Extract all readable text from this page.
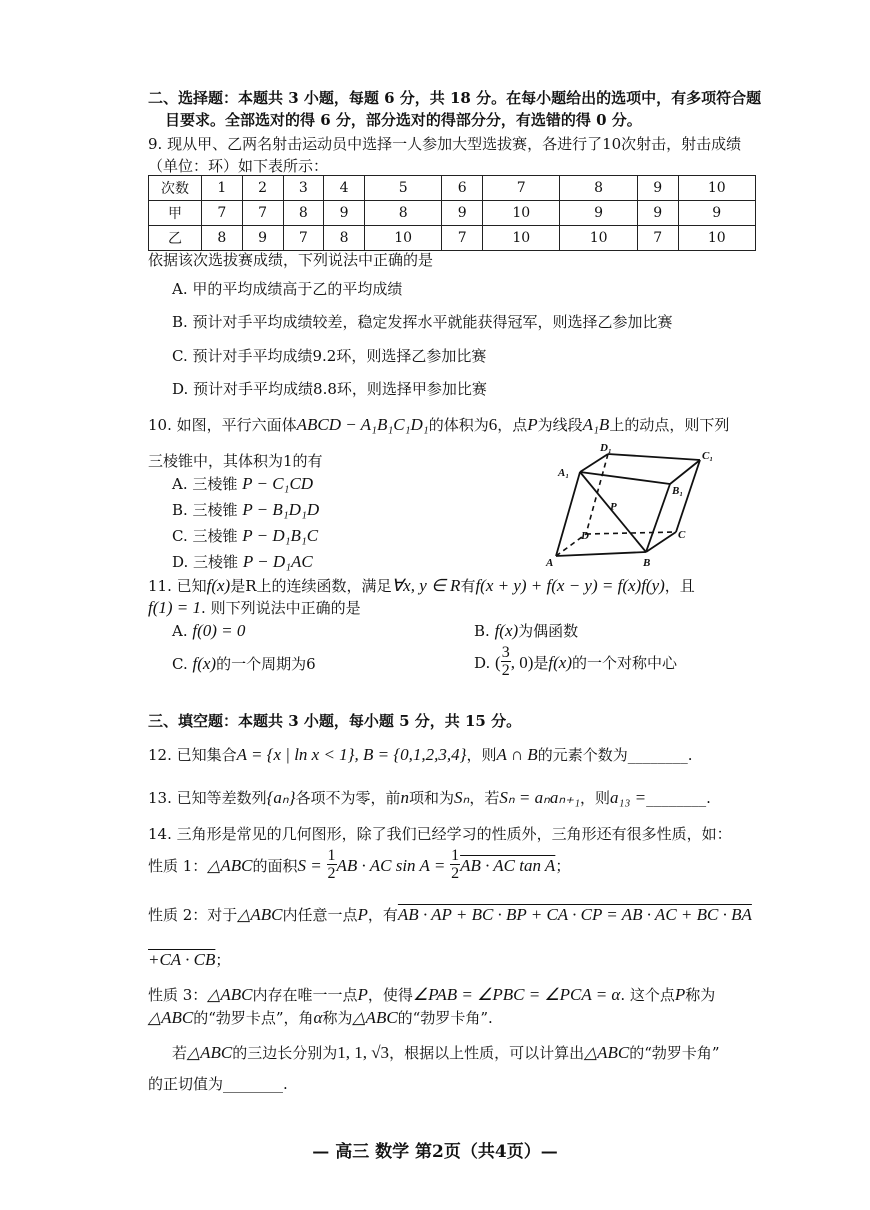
二、选择题：本题共 3 小题，每题 6 分，共 18 分。在每小题给出的选项中，有多项符合题
目要求。全部选对的得 6 分，部分选对的得部分分，有选错的得 0 分。
9. 现从甲、乙两名射击运动员中选择一人参加大型选拔赛，各进行了10次射击，射击成绩
（单位：环）如下表所示：
次数	1	2	3	4	5	6	7	8	9	10
甲	7	7	8	9	8	9	10	9	9	9
乙	8	9	7	8	10	7	10	10	7	10
依据该次选拔赛成绩，下列说法中正确的是
A. 甲的平均成绩高于乙的平均成绩
B. 预计对手平均成绩较差，稳定发挥水平就能获得冠军，则选择乙参加比赛
C. 预计对手平均成绩9.2环，则选择乙参加比赛
D. 预计对手平均成绩8.8环，则选择甲参加比赛
10. 如图，平行六面体ABCD − A₁B₁C₁D₁的体积为6，点P为线段A₁B上的动点，则下列
三棱锥中，其体积为1的有
A. 三棱锥 P − C₁CD
B. 三棱锥 P − B₁D₁D
C. 三棱锥 P − D₁B₁C
D. 三棱锥 P − D₁AC
A₁
D₁
C₁
B₁
P
D	C
A	B
11. 已知f(x)是R上的连续函数，满足∀x, y ∈ R有f(x + y) + f(x − y) = f(x)f(y)，且
f(1) = 1. 则下列说法中正确的是
A. f(0) = 0	B. f(x)为偶函数
C. f(x)的一个周期为6	D. ( $\frac{3}{2}$ , 0)是f(x)的一个对称中心
三、填空题：本题共 3 小题，每小题 5 分，共 15 分。
12. 已知集合A = {x | ln x < 1}, B = {0,1,2,3,4}，则A ∩ B的元素个数为________.
13. 已知等差数列{aₙ}各项不为零，前n项和为Sₙ，若Sₙ = aₙaₙ₊₁，则a₁₃ =________.
14. 三角形是常见的几何图形，除了我们已经学习的性质外，三角形还有很多性质，如：
性质 1：△ABC的面积$S = \frac{1}{2}$ AB · AC $\sin A = \frac{1}{2}$ AB · AC tan A；
性质 2：对于△ABC内任意一点P，有AB · AP + BC · BP + CA · CP = AB · AC + BC · BA
+CA · CB；
性质 3：△ABC内存在唯一一点P，使得∠PAB = ∠PBC = ∠PCA = α. 这个点P称为
△ABC的“勃罗卡点”，角α称为△ABC的“勃罗卡角”.
若△ABC的三边长分别为1, 1, √3，根据以上性质，可以计算出△ABC的“勃罗卡角”
的正切值为________.
— 高三 数学 第2页（共4页）—
